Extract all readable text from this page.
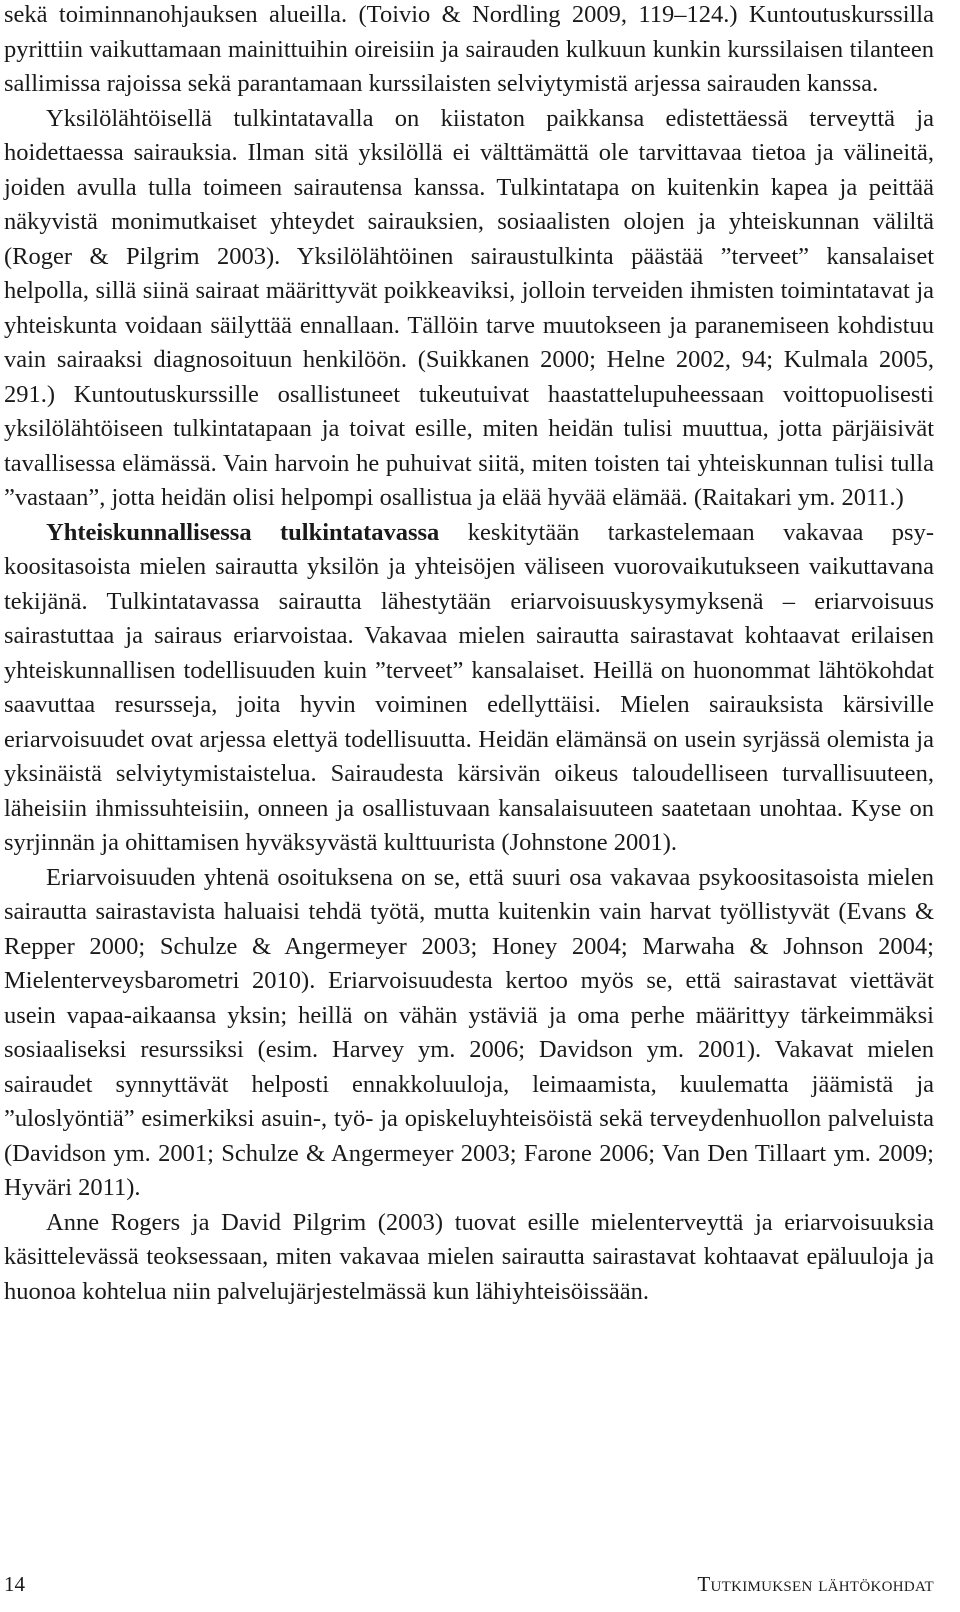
sekä toiminnanohjauksen alueilla. (Toivio & Nordling 2009, 119–124.) Kuntoutuskurssilla pyrittiin vaikuttamaan mainittuihin oireisiin ja sairauden kulkuun kunkin kurssilaisen tilanteen sallimissa rajoissa sekä parantamaan kurssilaisten selviytymistä arjessa sairauden kanssa.

Yksilölähtöisellä tulkintatavalla on kiistaton paikkansa edistettäessä terveyttä ja hoidettaessa sairauksia. Ilman sitä yksilöllä ei välttämättä ole tarvittavaa tietoa ja välineitä, joiden avulla tulla toimeen sairautensa kanssa. Tulkintatapa on kuitenkin kapea ja peittää näkyvistä monimutkaiset yhteydet sairauksien, sosiaalisten olojen ja yhteiskunnan väliltä (Roger & Pilgrim 2003). Yksilölähtöinen sairaustulkinta päästää ”terveet” kansalaiset helpolla, sillä siinä sairaat määrittyvät poikkeaviksi, jolloin terveiden ihmisten toimintatavat ja yhteiskunta voidaan säilyttää ennallaan. Tällöin tarve muutokseen ja paranemiseen kohdistuu vain sairaaksi diagnosoituun henkilöön. (Suikkanen 2000; Helne 2002, 94; Kulmala 2005, 291.) Kuntoutuskurssille osallistuneet tukeutuivat haastattelupuheessaan voittopuolisesti yksilölähtöiseen tulkintatapaan ja toivat esille, miten heidän tulisi muuttua, jotta pärjäisivät tavallisessa elämässä. Vain harvoin he puhuivat siitä, miten toisten tai yhteiskunnan tulisi tulla ”vastaan”, jotta heidän olisi helpompi osallistua ja elää hyvää elämää. (Raitakari ym. 2011.)

Yhteiskunnallisessa tulkintatavassa keskitytään tarkastelemaan vakavaa psykoositasoista mielen sairautta yksilön ja yhteisöjen väliseen vuorovaikutukseen vaikuttavana tekijänä. Tulkintatavassa sairautta lähestytään eriarvoisuuskysymyksenä – eriarvoisuus sairastuttaa ja sairaus eriarvoistaa. Vakavaa mielen sairautta sairastavat kohtaavat erilaisen yhteiskunnallisen todellisuuden kuin ”terveet” kansalaiset. Heillä on huonommat lähtökohdat saavuttaa resursseja, joita hyvin voiminen edellyttäisi. Mielen sairauksista kärsiville eriarvoisuudet ovat arjessa elettyä todellisuutta. Heidän elämänsä on usein syrjässä olemista ja yksinäistä selviytymistaistelua. Sairaudesta kärsivän oikeus taloudelliseen turvallisuuteen, läheisiin ihmissuhteisiin, onneen ja osallistuvaan kansalaisuuteen saatetaan unohtaa. Kyse on syrjinnän ja ohittamisen hyväksyvästä kulttuurista (Johnstone 2001).

Eriarvoisuuden yhtenä osoituksena on se, että suuri osa vakavaa psykoositasoista mielen sairautta sairastavista haluaisi tehdä työtä, mutta kuitenkin vain harvat työllistyvät (Evans & Repper 2000; Schulze & Angermeyer 2003; Honey 2004; Marwaha & Johnson 2004; Mielenterveysbarometri 2010). Eriarvoisuudesta kertoo myös se, että sairastavat viettävät usein vapaa-aikaansa yksin; heillä on vähän ystäviä ja oma perhe määrittyy tärkeimmäksi sosiaaliseksi resurssiksi (esim. Harvey ym. 2006; Davidson ym. 2001). Vakavat mielen sairaudet synnyttävät helposti ennakkoluuloja, leimaamista, kuulematta jäämistä ja ”uloslyöntiä” esimerkiksi asuin-, työ- ja opiskeluyhteisöistä sekä terveydenhuollon palveluista (Davidson ym. 2001; Schulze & Angermeyer 2003; Farone 2006; Van Den Tillaart ym. 2009; Hyväri 2011).

Anne Rogers ja David Pilgrim (2003) tuovat esille mielenterveyttä ja eriarvoisuuksia käsittelevässä teoksessaan, miten vakavaa mielen sairautta sairastavat kohtaavat epäluuloja ja huonoa kohtelua niin palvelujärjestelmässä kun lähiyhteisöissään.

14	Tutkimuksen lähtökohdat
